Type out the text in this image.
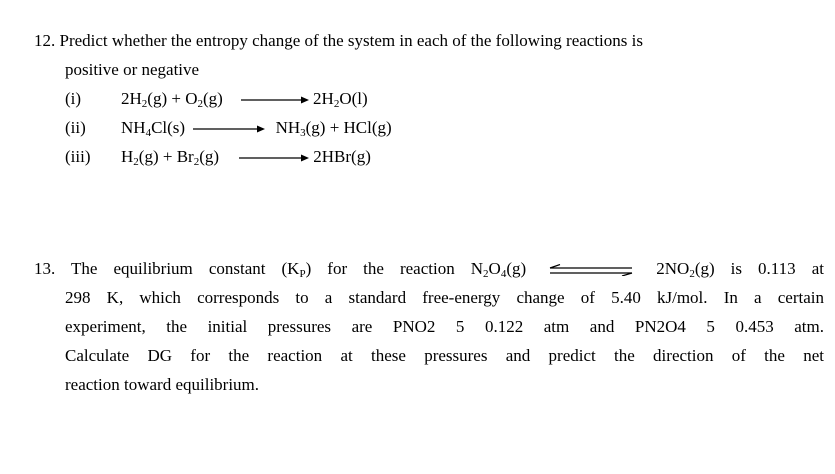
12. Predict whether the entropy change of the system in each of the following reactions is
positive or negative
(i) $2H_2(g) + O_2(g)$	$2H_2O(l)$
(ii) $NH_4Cl(s)$	$NH_3(g) + HCl(g)$
(iii) $H_2(g) + Br_2(g)$	2HBr(g)
13. The equilibrium constant $(K_P)$ for the reaction $N_2O_4(g)$	$2NO_2(g)$ is 0.113 at
298 K, which corresponds to a standard free-energy change of 5.40 kJ/mol. In a certain
experiment, the initial pressures are PNO2 5 0.122 atm and PN2O4 5 0.453 atm.
Calculate DG for the reaction at these pressures and predict the direction of the net
reaction toward equilibrium.
